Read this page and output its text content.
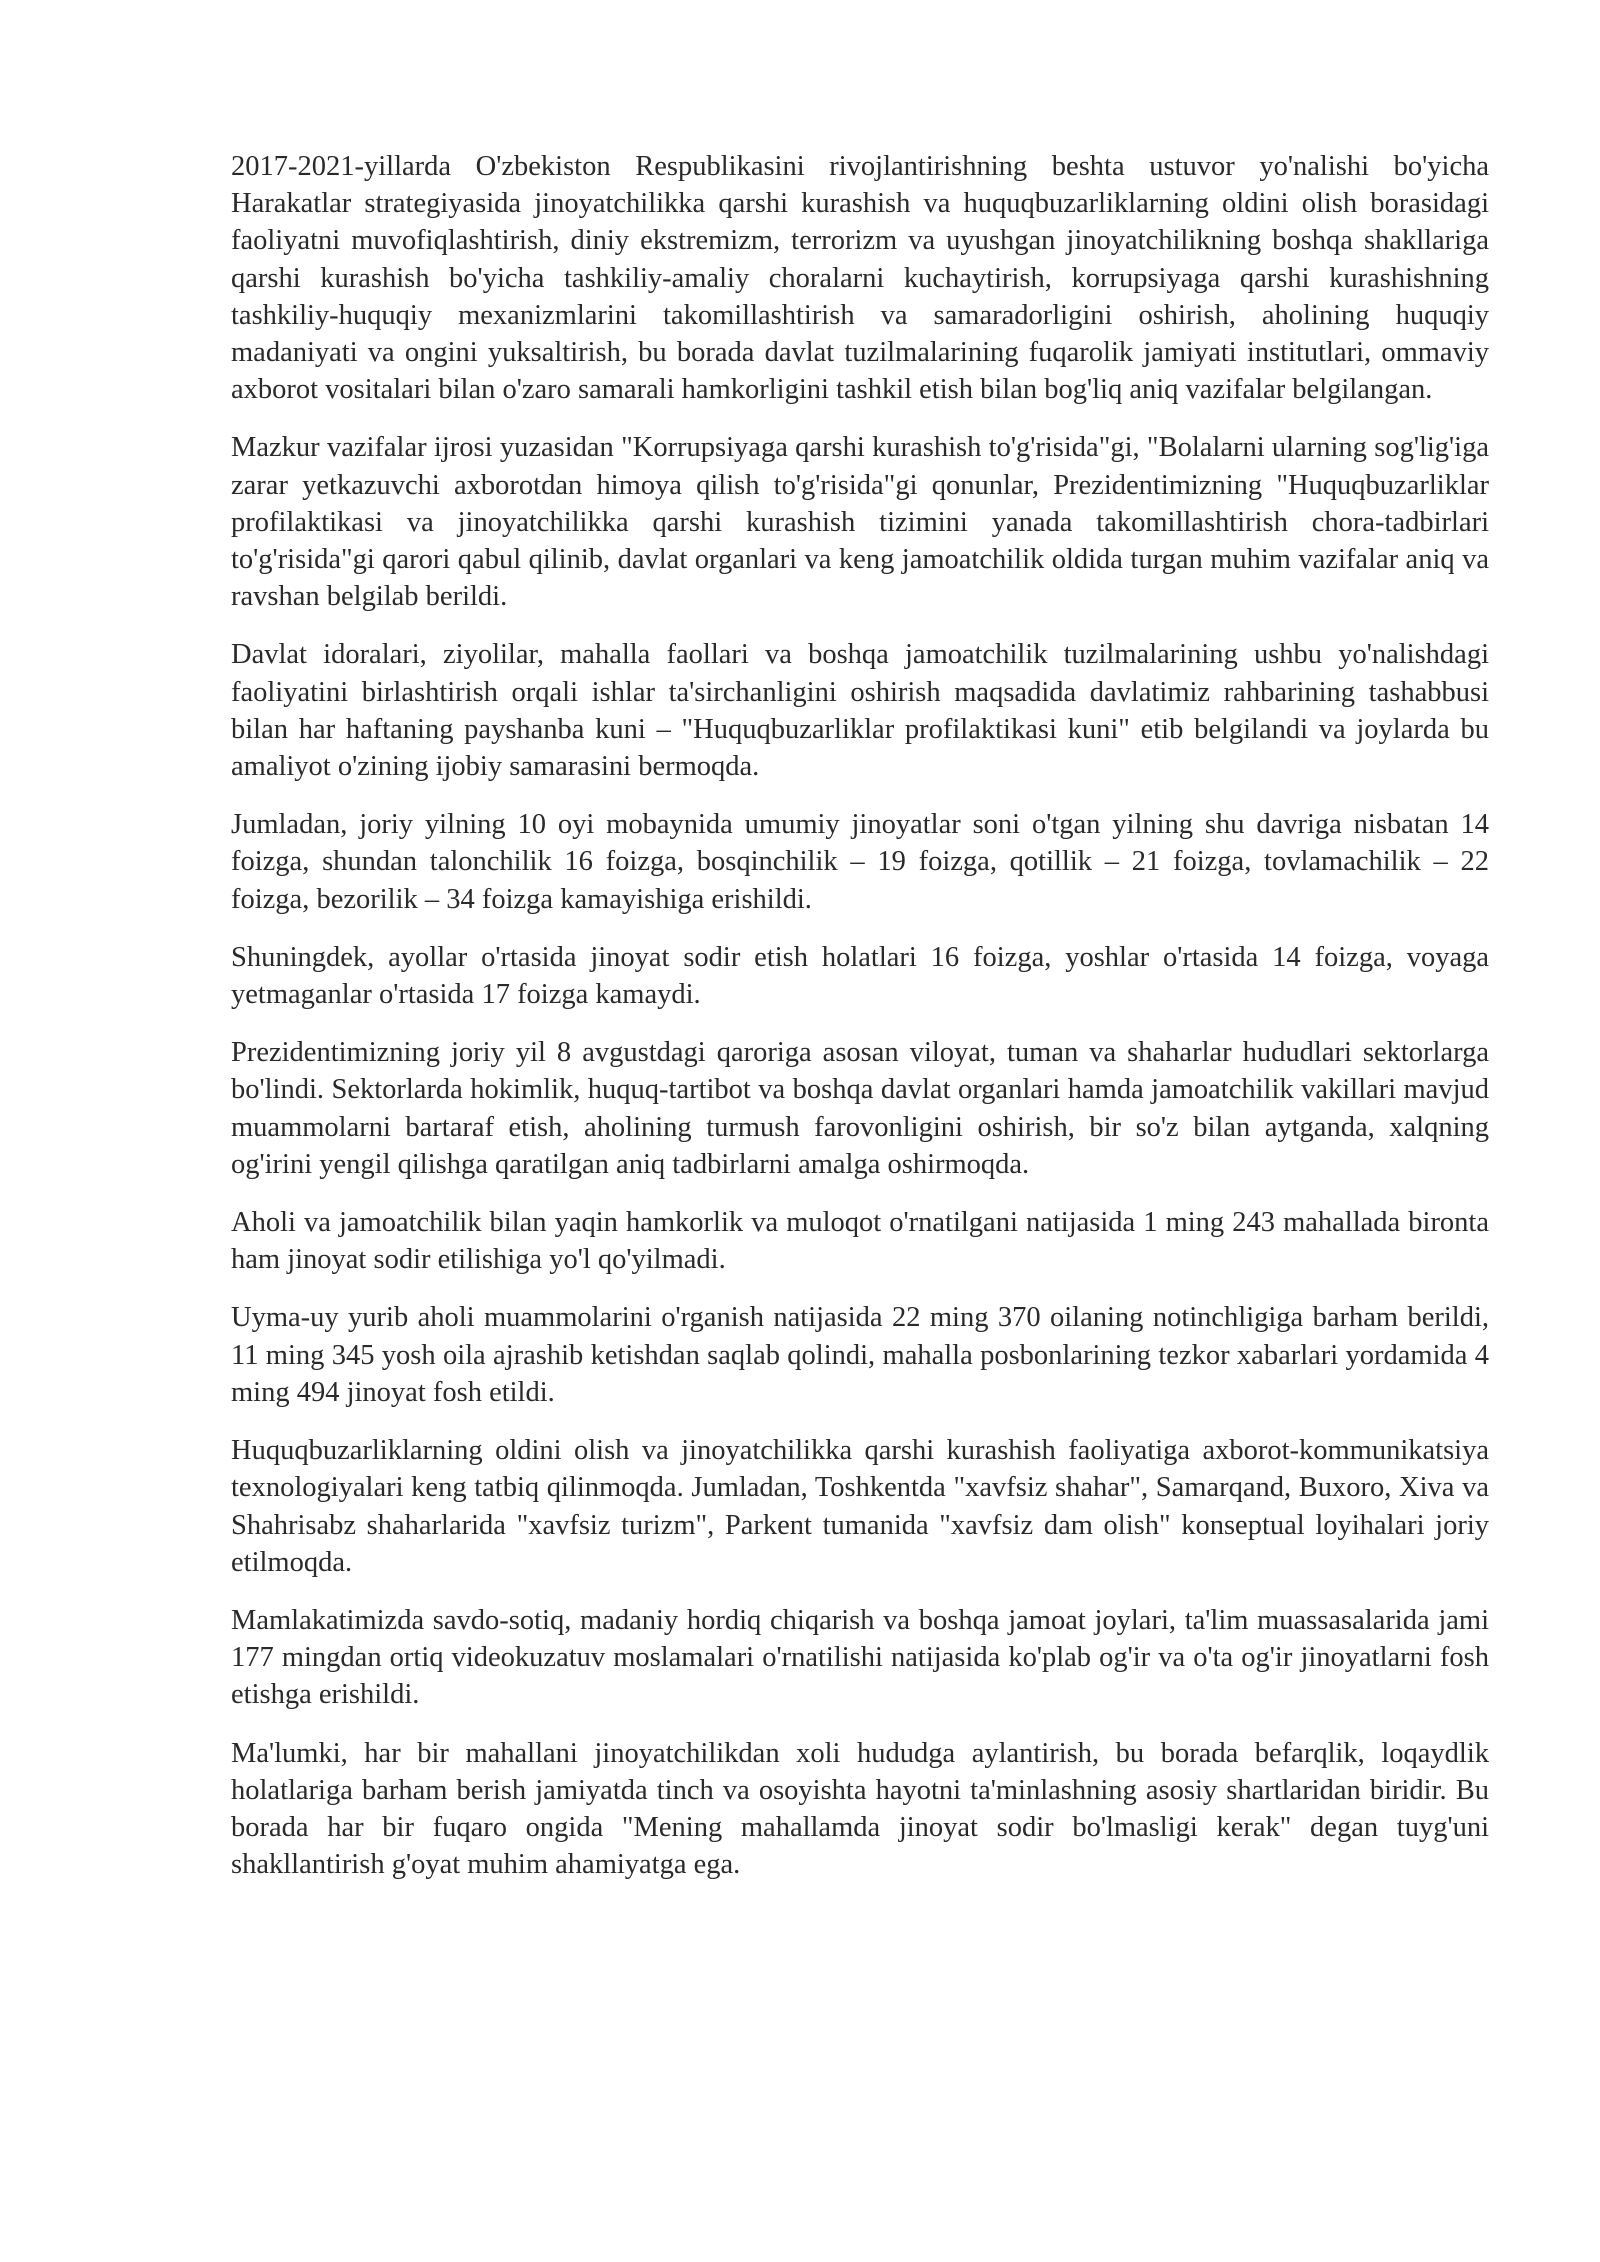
2017-2021-yillarda O'zbekiston Respublikasini rivojlantirishning beshta ustuvor yo'nalishi bo'yicha Harakatlar strategiyasida jinoyatchilikka qarshi kurashish va huquqbuzarliklarning oldini olish borasidagi faoliyatni muvofiqlashtirish, diniy ekstremizm, terrorizm va uyushgan jinoyatchilikning boshqa shakllariga qarshi kurashish bo'yicha tashkiliy-amaliy choralarni kuchaytirish, korrupsiyaga qarshi kurashishning tashkiliy-huquqiy mexanizmlarini takomillashtirish va samaradorligini oshirish, aholining huquqiy madaniyati va ongini yuksaltirish, bu borada davlat tuzilmalarining fuqarolik jamiyati institutlari, ommaviy axborot vositalari bilan o'zaro samarali hamkorligini tashkil etish bilan bog'liq aniq vazifalar belgilangan.

Mazkur vazifalar ijrosi yuzasidan "Korrupsiyaga qarshi kurashish to'g'risida"gi, "Bolalarni ularning sog'lig'iga zarar yetkazuvchi axborotdan himoya qilish to'g'risida"gi qonunlar, Prezidentimizning "Huquqbuzarliklar profilaktikasi va jinoyatchilikka qarshi kurashish tizimini yanada takomillashtirish chora-tadbirlari to'g'risida"gi qarori qabul qilinib, davlat organlari va keng jamoatchilik oldida turgan muhim vazifalar aniq va ravshan belgilab berildi.

Davlat idoralari, ziyolilar, mahalla faollari va boshqa jamoatchilik tuzilmalarining ushbu yo'nalishdagi faoliyatini birlashtirish orqali ishlar ta'sirchanligini oshirish maqsadida davlatimiz rahbarining tashabbusi bilan har haftaning payshanba kuni – "Huquqbuzarliklar profilaktikasi kuni" etib belgilandi va joylarda bu amaliyot o'zining ijobiy samarasini bermoqda.

Jumladan, joriy yilning 10 oyi mobaynida umumiy jinoyatlar soni o'tgan yilning shu davriga nisbatan 14 foizga, shundan talonchilik 16 foizga, bosqinchilik – 19 foizga, qotillik – 21 foizga, tovlamachilik – 22 foizga, bezorilik – 34 foizga kamayishiga erishildi.

Shuningdek, ayollar o'rtasida jinoyat sodir etish holatlari 16 foizga, yoshlar o'rtasida 14 foizga, voyaga yetmaganlar o'rtasida 17 foizga kamaydi.

Prezidentimizning joriy yil 8 avgustdagi qaroriga asosan viloyat, tuman va shaharlar hududlari sektorlarga bo'lindi. Sektorlarda hokimlik, huquq-tartibot va boshqa davlat organlari hamda jamoatchilik vakillari mavjud muammolarni bartaraf etish, aholining turmush farovonligini oshirish, bir so'z bilan aytganda, xalqning og'irini yengil qilishga qaratilgan aniq tadbirlarni amalga oshirmoqda.

Aholi va jamoatchilik bilan yaqin hamkorlik va muloqot o'rnatilgani natijasida 1 ming 243 mahallada bironta ham jinoyat sodir etilishiga yo'l qo'yilmadi.

Uyma-uy yurib aholi muammolarini o'rganish natijasida 22 ming 370 oilaning notinchligiga barham berildi, 11 ming 345 yosh oila ajrashib ketishdan saqlab qolindi, mahalla posbonlarining tezkor xabarlari yordamida 4 ming 494 jinoyat fosh etildi.

Huquqbuzarliklarning oldini olish va jinoyatchilikka qarshi kurashish faoliyatiga axborot-kommunikatsiya texnologiyalari keng tatbiq qilinmoqda. Jumladan, Toshkentda "xavfsiz shahar", Samarqand, Buxoro, Xiva va Shahrisabz shaharlarida "xavfsiz turizm", Parkent tumanida "xavfsiz dam olish" konseptual loyihalari joriy etilmoqda.

Mamlakatimizda savdo-sotiq, madaniy hordiq chiqarish va boshqa jamoat joylari, ta'lim muassasalarida jami 177 mingdan ortiq videokuzatuv moslamalari o'rnatilishi natijasida ko'plab og'ir va o'ta og'ir jinoyatlarni fosh etishga erishildi.

Ma'lumki, har bir mahallani jinoyatchilikdan xoli hududga aylantirish, bu borada befarqlik, loqaydlik holatlariga barham berish jamiyatda tinch va osoyishta hayotni ta'minlashning asosiy shartlaridan biridir. Bu borada har bir fuqaro ongida "Mening mahallamda jinoyat sodir bo'lmasligi kerak" degan tuyg'uni shakllantirish g'oyat muhim ahamiyatga ega.
